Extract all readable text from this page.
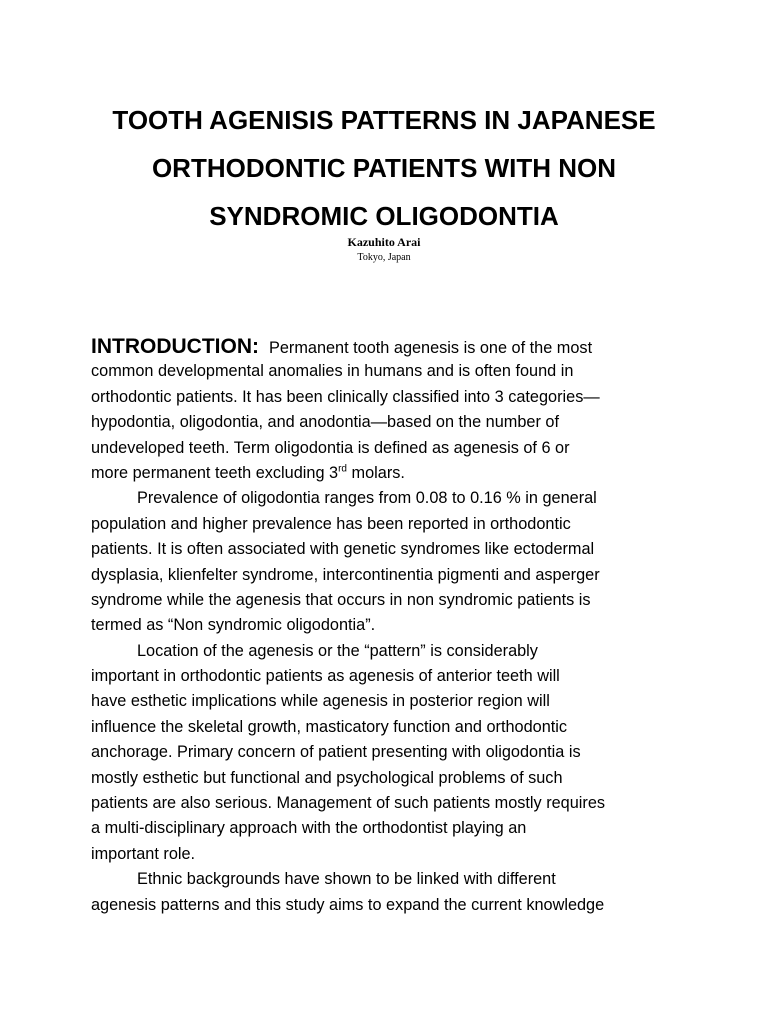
TOOTH AGENISIS PATTERNS IN JAPANESE
ORTHODONTIC PATIENTS WITH NON
SYNDROMIC OLIGODONTIA
Kazuhito Arai
Tokyo, Japan
INTRODUCTION: Permanent tooth agenesis is one of the most
common developmental anomalies in humans and is often found in
orthodontic patients. It has been clinically classified into 3 categories—
hypodontia, oligodontia, and anodontia—based on the number of
undeveloped teeth. Term oligodontia is defined as agenesis of 6 or
more permanent teeth excluding 3rd molars.
Prevalence of oligodontia ranges from 0.08 to 0.16 % in general
population and higher prevalence has been reported in orthodontic
patients. It is often associated with genetic syndromes like ectodermal
dysplasia, klienfelter syndrome, intercontinentia pigmenti and asperger
syndrome while the agenesis that occurs in non syndromic patients is
termed as “Non syndromic oligodontia”.
Location of the agenesis or the “pattern” is considerably
important in orthodontic patients as agenesis of anterior teeth will
have esthetic implications while agenesis in posterior region will
influence the skeletal growth, masticatory function and orthodontic
anchorage. Primary concern of patient presenting with oligodontia is
mostly esthetic but functional and psychological problems of such
patients are also serious. Management of such patients mostly requires
a multi-disciplinary approach with the orthodontist playing an
important role.
Ethnic backgrounds have shown to be linked with different
agenesis patterns and this study aims to expand the current knowledge
